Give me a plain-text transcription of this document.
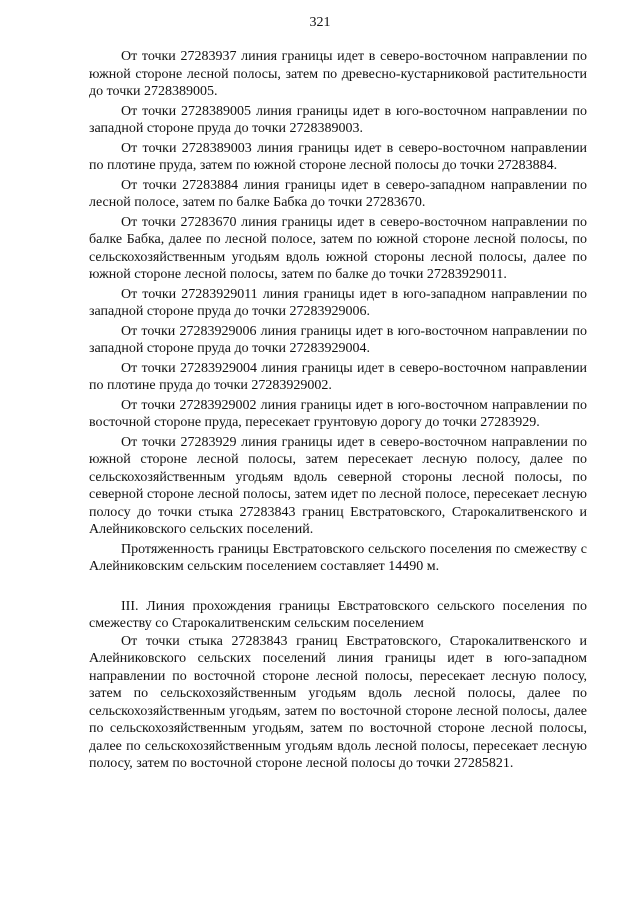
321

От точки 27283937 линия границы идет в северо-восточном направлении по южной стороне лесной полосы, затем по древесно-кустарниковой растительности до точки 2728389005.

От точки 2728389005 линия границы идет в юго-восточном направлении по западной стороне пруда до точки 2728389003.

От точки 2728389003 линия границы идет в северо-восточном направлении по плотине пруда, затем по южной стороне лесной полосы до точки 27283884.

От точки 27283884 линия границы идет в северо-западном направлении по лесной полосе, затем по балке Бабка до точки 27283670.

От точки 27283670 линия границы идет в северо-восточном направлении по балке Бабка, далее по лесной полосе, затем по южной стороне лесной полосы, по сельскохозяйственным угодьям вдоль южной стороны лесной полосы, далее по южной стороне лесной полосы, затем по балке до точки 27283929011.

От точки 27283929011 линия границы идет в юго-западном направлении по западной стороне пруда до точки 27283929006.

От точки 27283929006 линия границы идет в юго-восточном направлении по западной стороне пруда до точки 27283929004.

От точки 27283929004 линия границы идет в северо-восточном направлении по плотине пруда до точки 27283929002.

От точки 27283929002 линия границы идет в юго-восточном направлении по восточной стороне пруда, пересекает грунтовую дорогу до точки 27283929.

От точки 27283929 линия границы идет в северо-восточном направлении по южной стороне лесной полосы, затем пересекает лесную полосу, далее по сельскохозяйственным угодьям вдоль северной стороны лесной полосы, по северной стороне лесной полосы, затем идет по лесной полосе, пересекает лесную полосу до точки стыка 27283843 границ Евстратовского, Старокалитвенского и Алейниковского сельских поселений.

Протяженность границы Евстратовского сельского поселения по смежеству с Алейниковским сельским поселением составляет 14490 м.

III. Линия прохождения границы Евстратовского сельского поселения по смежеству со Старокалитвенским сельским поселением

От точки стыка 27283843 границ Евстратовского, Старокалитвенского и Алейниковского сельских поселений линия границы идет в юго-западном направлении по восточной стороне лесной полосы, пересекает лесную полосу, затем по сельскохозяйственным угодьям вдоль лесной полосы, далее по сельскохозяйственным угодьям, затем по восточной стороне лесной полосы, далее по сельскохозяйственным угодьям, затем по восточной стороне лесной полосы, далее по сельскохозяйственным угодьям вдоль лесной полосы, пересекает лесную полосу, затем по восточной стороне лесной полосы до точки 27285821.
